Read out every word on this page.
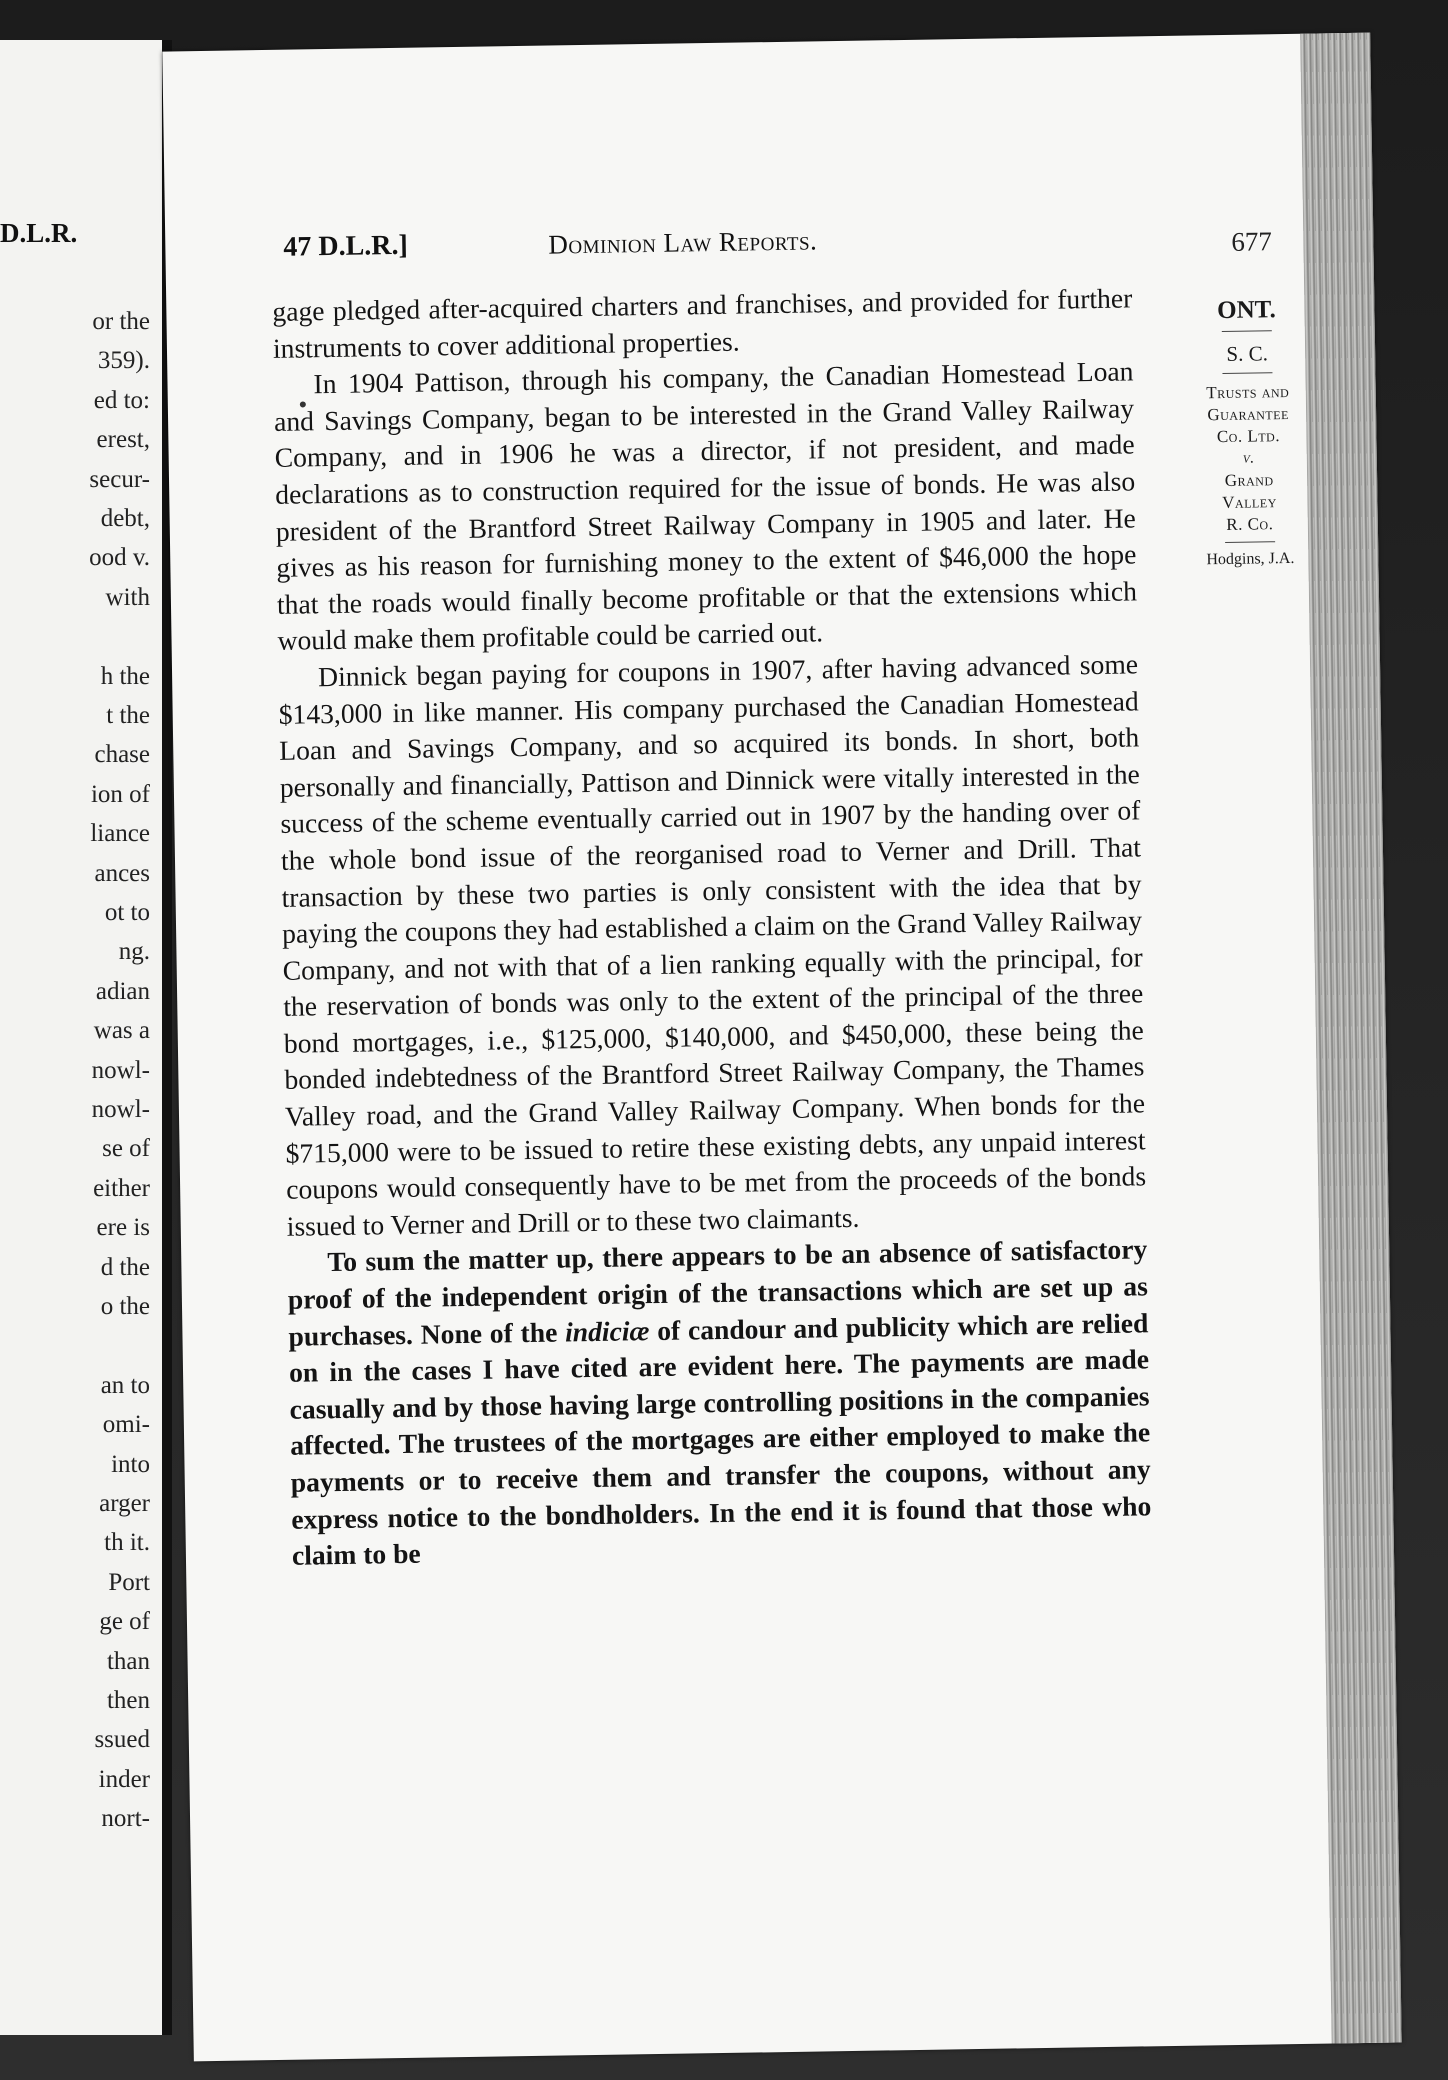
D.L.R.
or the
359).
ed to:
erest,
secur-
debt,
ood v.
with
h the
t the
chase
ion of
liance
ances
ot to
ng.
adian
was a
nowl-
nowl-
se of
either
ere is
d the
o the
an to
omi-
into
arger
th it.
Port
ge of
than
then
ssued
inder
nort-
47 D.L.R.]	Dominion Law Reports.	677

gage pledged after-acquired charters and franchises, and provided for further instruments to cover additional properties.

In 1904 Pattison, through his company, the Canadian Homestead Loan and Savings Company, began to be interested in the Grand Valley Railway Company, and in 1906 he was a director, if not president, and made declarations as to construction required for the issue of bonds. He was also president of the Brantford Street Railway Company in 1905 and later. He gives as his reason for furnishing money to the extent of $46,000 the hope that the roads would finally become profitable or that the extensions which would make them profitable could be carried out.

Dinnick began paying for coupons in 1907, after having advanced some $143,000 in like manner. His company purchased the Canadian Homestead Loan and Savings Company, and so acquired its bonds. In short, both personally and financially, Pattison and Dinnick were vitally interested in the success of the scheme eventually carried out in 1907 by the handing over of the whole bond issue of the reorganised road to Verner and Drill. That transaction by these two parties is only consistent with the idea that by paying the coupons they had established a claim on the Grand Valley Railway Company, and not with that of a lien ranking equally with the principal, for the reservation of bonds was only to the extent of the principal of the three bond mortgages, i.e., $125,000, $140,000, and $450,000, these being the bonded indebtedness of the Brantford Street Railway Company, the Thames Valley road, and the Grand Valley Railway Company. When bonds for the $715,000 were to be issued to retire these existing debts, any unpaid interest coupons would consequently have to be met from the proceeds of the bonds issued to Verner and Drill or to these two claimants.

To sum the matter up, there appears to be an absence of satisfactory proof of the independent origin of the transactions which are set up as purchases. None of the indiciæ of candour and publicity which are relied on in the cases I have cited are evident here. The payments are made casually and by those having large controlling positions in the companies affected. The trustees of the mortgages are either employed to make the payments or to receive them and transfer the coupons, without any express notice to the bondholders. In the end it is found that those who claim to be

ONT.
S. C.
Trusts and
Guarantee
Co. Ltd.
v.
Grand
Valley
R. Co.
Hodgins, J.A.
